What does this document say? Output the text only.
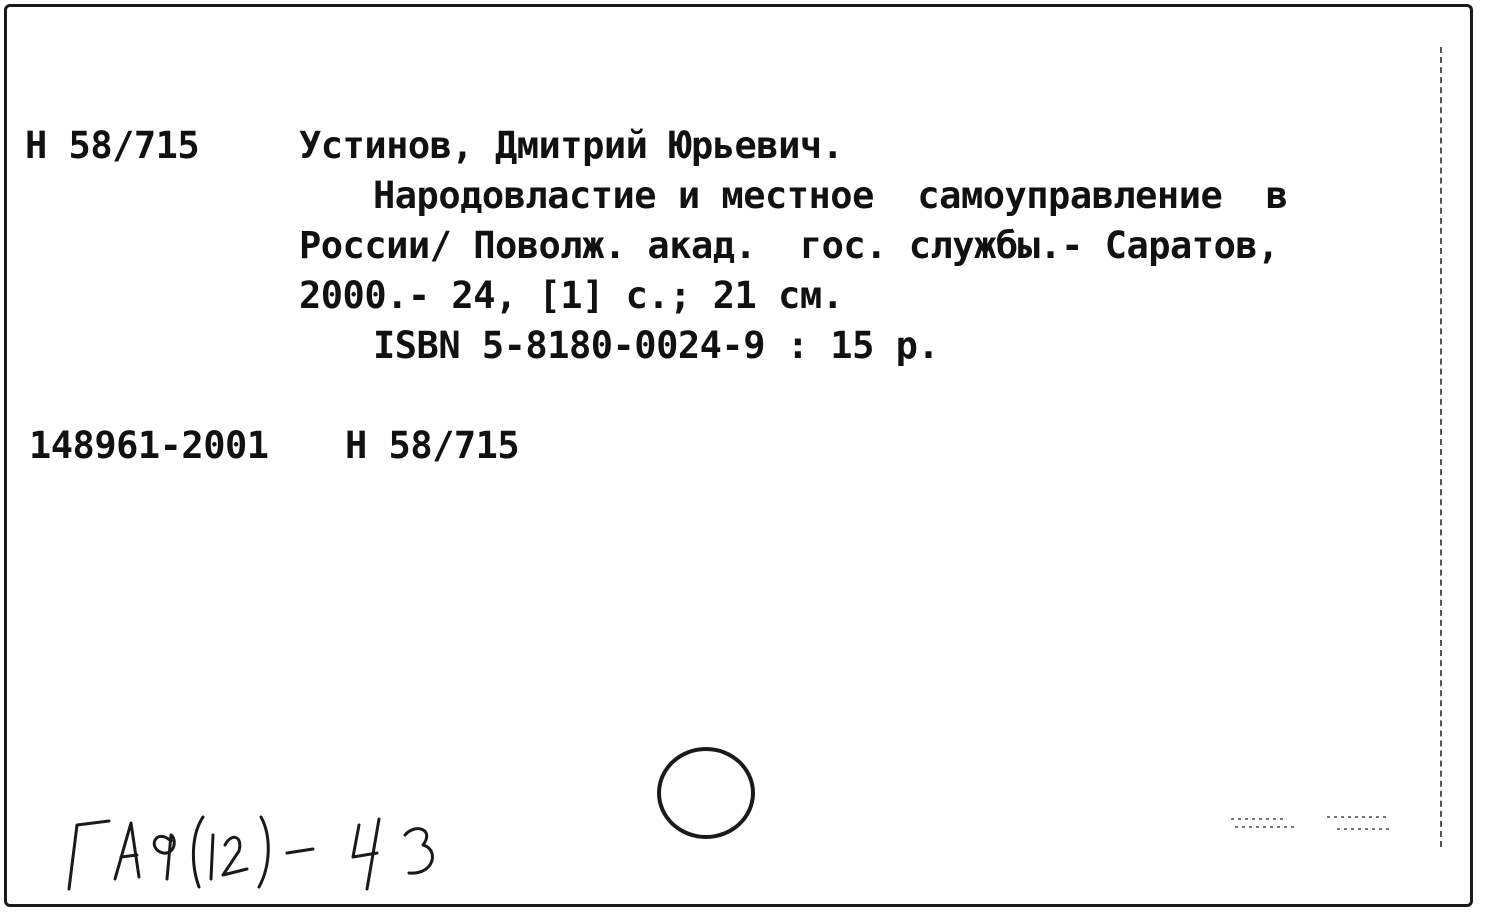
Н 58/715	Устинов, Дмитрий Юрьевич.
Народовластие и местное  самоуправление  в
России/ Поволж. акад.  гос. службы.- Саратов,
2000.- 24, [1] с.; 21 см.
ISBN 5-8180-0024-9 : 15 р.
148961-2001 Н 58/715
